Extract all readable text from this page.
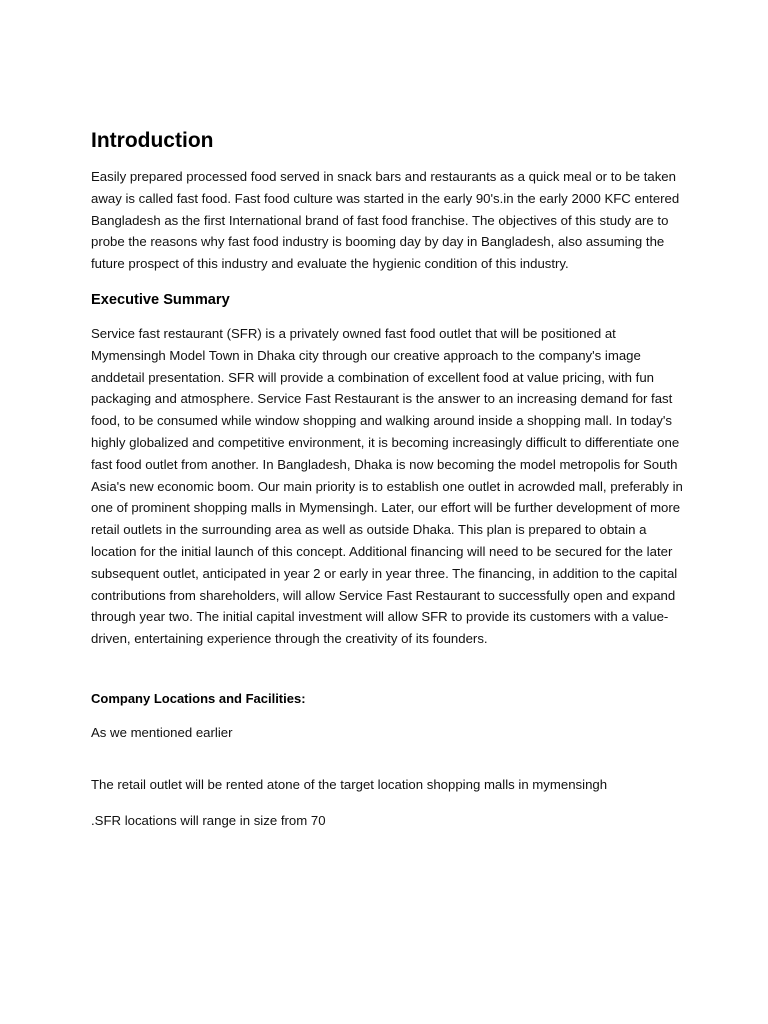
Introduction

Easily prepared processed food served in snack bars and restaurants as a quick meal or to be taken away is called fast food. Fast food culture was started in the early 90's.in the early 2000 KFC entered Bangladesh as the first International brand of fast food franchise. The objectives of this study are to probe the reasons why fast food industry is booming day by day in Bangladesh, also assuming the future prospect of this industry and evaluate the hygienic condition of this industry.

Executive Summary

Service fast restaurant (SFR) is a privately owned fast food outlet that will be positioned at Mymensingh Model Town in Dhaka city through our creative approach to the company's image anddetail presentation. SFR will provide a combination of excellent food at value pricing, with fun packaging and atmosphere. Service Fast Restaurant is the answer to an increasing demand for fast food, to be consumed while window shopping and walking around inside a shopping mall. In today's highly globalized and competitive environment, it is becoming increasingly difficult to differentiate one fast food outlet from another. In Bangladesh, Dhaka is now becoming the model metropolis for South Asia's new economic boom. Our main priority is to establish one outlet in acrowded mall, preferably in one of prominent shopping malls in Mymensingh. Later, our effort will be further development of more retail outlets in the surrounding area as well as outside Dhaka. This plan is prepared to obtain a location for the initial launch of this concept. Additional financing will need to be secured for the later subsequent outlet, anticipated in year 2 or early in year three. The financing, in addition to the capital contributions from shareholders, will allow Service Fast Restaurant to successfully open and expand through year two. The initial capital investment will allow SFR to provide its customers with a value-driven, entertaining experience through the creativity of its founders.

Company Locations and Facilities:

As we mentioned earlier

The retail outlet will be rented atone of the target location shopping malls in mymensingh

.SFR locations will range in size from 70
